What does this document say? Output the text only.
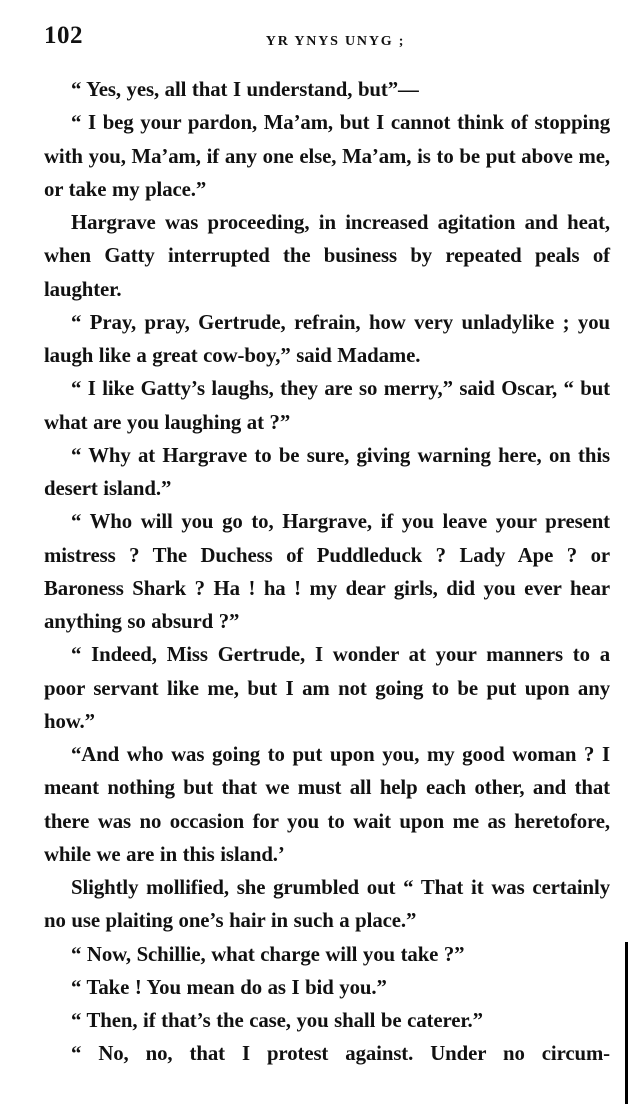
102	YR YNYS UNYG ;

“ Yes, yes, all that I understand, but”—

“ I beg your pardon, Ma’am, but I cannot think of stopping with you, Ma’am, if any one else, Ma’am, is to be put above me, or take my place.”

Hargrave was proceeding, in increased agitation and heat, when Gatty interrupted the business by repeated peals of laughter.

“ Pray, pray, Gertrude, refrain, how very unladylike ; you laugh like a great cow-boy,” said Madame.

“ I like Gatty’s laughs, they are so merry,” said Oscar, “ but what are you laughing at ?”

“ Why at Hargrave to be sure, giving warning here, on this desert island.”

“ Who will you go to, Hargrave, if you leave your present mistress ? The Duchess of Puddleduck ? Lady Ape ? or Baroness Shark ? Ha ! ha ! my dear girls, did you ever hear anything so absurd ?”

“ Indeed, Miss Gertrude, I wonder at your manners to a poor servant like me, but I am not going to be put upon any how.”

“And who was going to put upon you, my good woman ? I meant nothing but that we must all help each other, and that there was no occasion for you to wait upon me as heretofore, while we are in this island.’

Slightly mollified, she grumbled out “ That it was certainly no use plaiting one’s hair in such a place.”

“ Now, Schillie, what charge will you take ?”

“ Take ! You mean do as I bid you.”

“ Then, if that’s the case, you shall be caterer.”

“ No, no, that I protest against. Under no circum-
